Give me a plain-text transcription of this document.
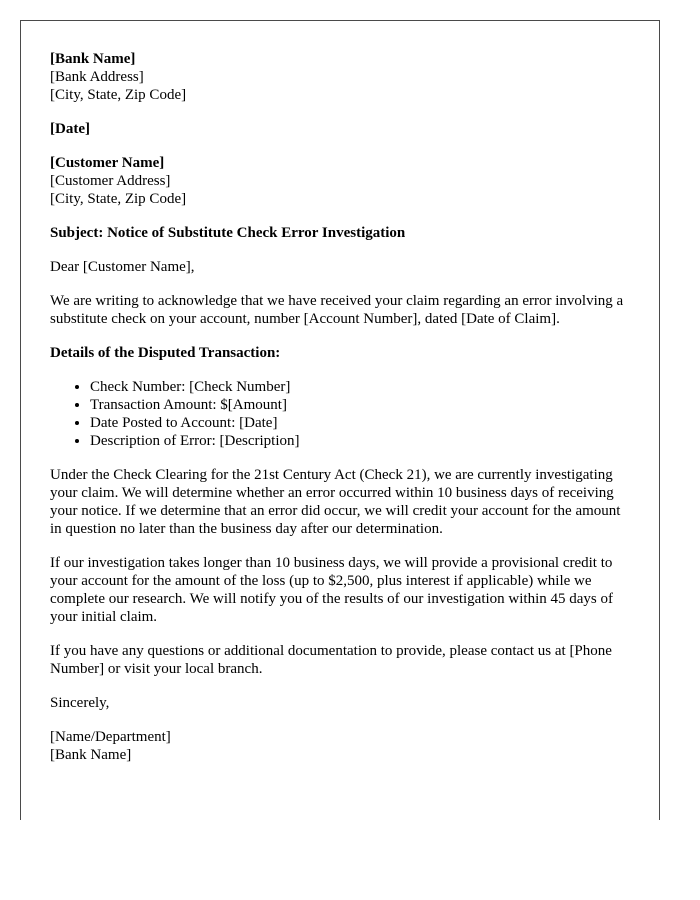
[Bank Name]
[Bank Address]
[City, State, Zip Code]

[Date]

[Customer Name]
[Customer Address]
[City, State, Zip Code]

Subject: Notice of Substitute Check Error Investigation

Dear [Customer Name],

We are writing to acknowledge that we have received your claim regarding an error involving a substitute check on your account, number [Account Number], dated [Date of Claim].

Details of the Disputed Transaction:

• Check Number: [Check Number]
• Transaction Amount: $[Amount]
• Date Posted to Account: [Date]
• Description of Error: [Description]

Under the Check Clearing for the 21st Century Act (Check 21), we are currently investigating your claim. We will determine whether an error occurred within 10 business days of receiving your notice. If we determine that an error did occur, we will credit your account for the amount in question no later than the business day after our determination.

If our investigation takes longer than 10 business days, we will provide a provisional credit to your account for the amount of the loss (up to $2,500, plus interest if applicable) while we complete our research. We will notify you of the results of our investigation within 45 days of your initial claim.

If you have any questions or additional documentation to provide, please contact us at [Phone Number] or visit your local branch.

Sincerely,

[Name/Department]
[Bank Name]
